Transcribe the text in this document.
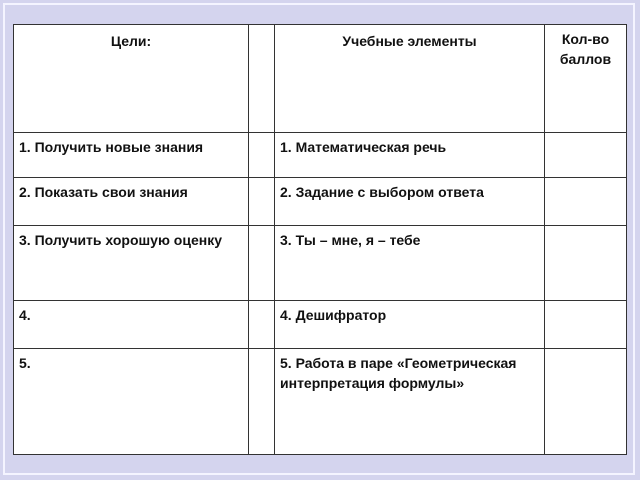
Цели:		Учебные элементы	Кол-во баллов
1. Получить новые знания		1. Математическая речь	
2. Показать свои знания		2. Задание с выбором ответа	
3. Получить хорошую оценку		3. Ты – мне, я – тебе	
4.		4. Дешифратор	
5.		5. Работа в паре «Геометрическая интерпретация формулы»	
